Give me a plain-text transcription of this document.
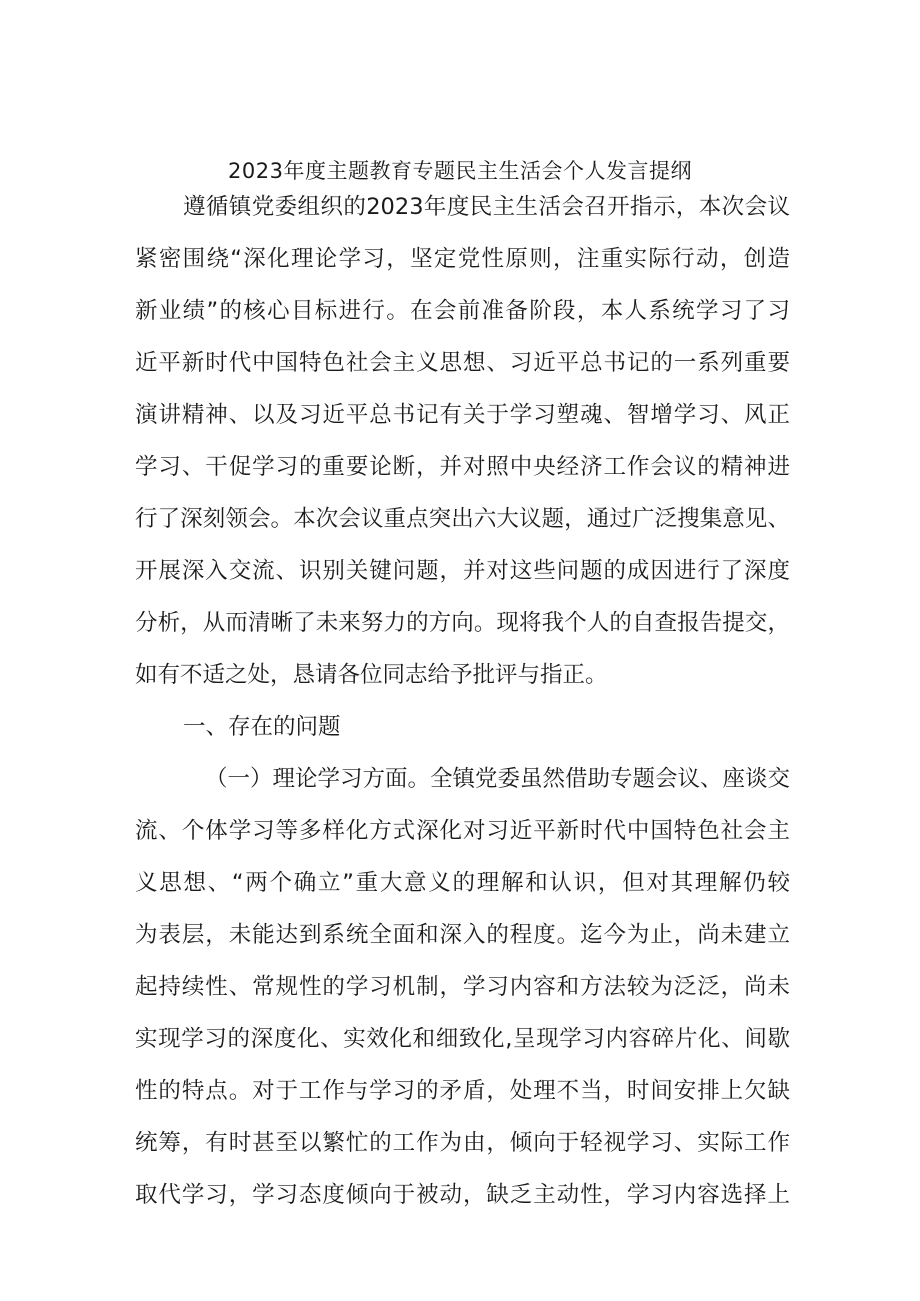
2023年度主题教育专题民主生活会个人发言提纲
遵循镇党委组织的2023年度民主生活会召开指示，本次会议
紧密围绕“深化理论学习，坚定党性原则，注重实际行动，创造
新业绩”的核心目标进行。在会前准备阶段，本人系统学习了习
近平新时代中国特色社会主义思想、习近平总书记的一系列重要
演讲精神、以及习近平总书记有关于学习塑魂、智增学习、风正
学习、干促学习的重要论断，并对照中央经济工作会议的精神进
行了深刻领会。本次会议重点突出六大议题，通过广泛搜集意见、
开展深入交流、识别关键问题，并对这些问题的成因进行了深度
分析，从而清晰了未来努力的方向。现将我个人的自查报告提交，
如有不适之处，恳请各位同志给予批评与指正。
一、存在的问题
（一）理论学习方面。全镇党委虽然借助专题会议、座谈交
流、个体学习等多样化方式深化对习近平新时代中国特色社会主
义思想、“两个确立”重大意义的理解和认识，但对其理解仍较
为表层，未能达到系统全面和深入的程度。迄今为止，尚未建立
起持续性、常规性的学习机制，学习内容和方法较为泛泛，尚未
实现学习的深度化、实效化和细致化,呈现学习内容碎片化、间歇
性的特点。对于工作与学习的矛盾，处理不当，时间安排上欠缺
统筹，有时甚至以繁忙的工作为由，倾向于轻视学习、实际工作
取代学习，学习态度倾向于被动，缺乏主动性，学习内容选择上
